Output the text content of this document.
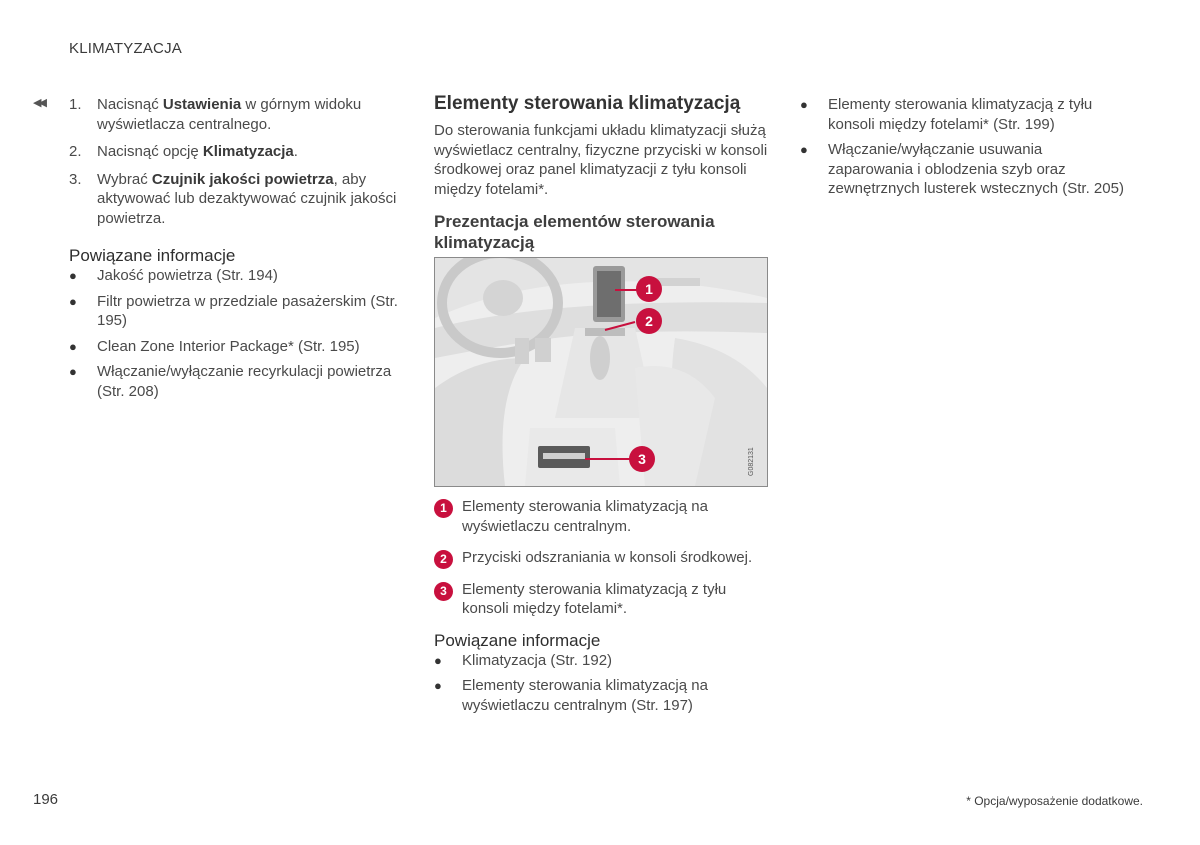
KLIMATYZACJA
◀◀ 1. Nacisnąć Ustawienia w górnym widoku wyświetlacza centralnego.
2. Nacisnąć opcję Klimatyzacja.
3. Wybrać Czujnik jakości powietrza, aby aktywować lub dezaktywować czujnik jakości powietrza.
Powiązane informacje
● Jakość powietrza (Str. 194)
● Filtr powietrza w przedziale pasażerskim (Str. 195)
● Clean Zone Interior Package* (Str. 195)
● Włączanie/wyłączanie recyrkulacji powietrza (Str. 208)
Elementy sterowania klimatyzacją

Do sterowania funkcjami układu klimatyzacji służą wyświetlacz centralny, fizyczne przyciski w konsoli środkowej oraz panel klimatyzacji z tyłu konsoli między fotelami*.

Prezentacja elementów sterowania klimatyzacją
1
2
3	G082131
1	Elementy sterowania klimatyzacją na wyświetlaczu centralnym.
2	Przyciski odszraniania w konsoli środkowej.
3	Elementy sterowania klimatyzacją z tyłu konsoli między fotelami*.
Powiązane informacje
● Klimatyzacja (Str. 192)
● Elementy sterowania klimatyzacją na wyświetlaczu centralnym (Str. 197)
● Elementy sterowania klimatyzacją z tyłu konsoli między fotelami* (Str. 199)
● Włączanie/wyłączanie usuwania zaparowania i oblodzenia szyb oraz zewnętrznych lusterek wstecznych (Str. 205)
196	* Opcja/wyposażenie dodatkowe.
